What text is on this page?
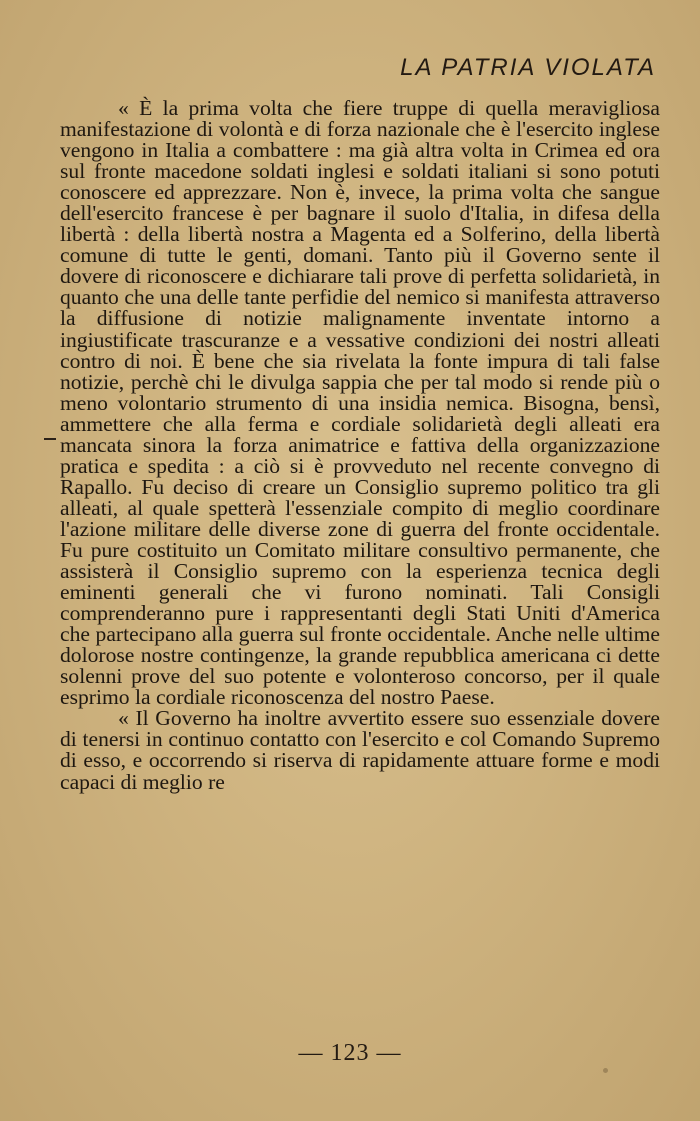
LA PATRIA VIOLATA

« È la prima volta che fiere truppe di quella meravigliosa manifestazione di volontà e di forza nazionale che è l'esercito inglese vengono in Italia a combattere : ma già altra volta in Crimea ed ora sul fronte macedone soldati inglesi e soldati italiani si sono potuti conoscere ed apprezzare. Non è, invece, la prima volta che sangue dell'esercito francese è per bagnare il suolo d'Italia, in difesa della libertà : della libertà nostra a Magenta ed a Solferino, della libertà comune di tutte le genti, domani. Tanto più il Governo sente il dovere di riconoscere e dichiarare tali prove di perfetta solidarietà, in quanto che una delle tante perfidie del nemico si manifesta attraverso la diffusione di notizie malignamente inventate intorno a ingiustificate trascuranze e a vessative condizioni dei nostri alleati contro di noi. È bene che sia rivelata la fonte impura di tali false notizie, perchè chi le divulga sappia che per tal modo si rende più o meno volontario strumento di una insidia nemica. Bisogna, bensì, ammettere che alla ferma e cordiale solidarietà degli alleati era mancata sinora la forza animatrice e fattiva della organizzazione pratica e spedita : a ciò si è provveduto nel recente convegno di Rapallo. Fu deciso di creare un Consiglio supremo politico tra gli alleati, al quale spetterà l'essenziale compito di meglio coordinare l'azione militare delle diverse zone di guerra del fronte occidentale. Fu pure costituito un Comitato militare consultivo permanente, che assisterà il Consiglio supremo con la esperienza tecnica degli eminenti generali che vi furono nominati. Tali Consigli comprenderanno pure i rappresentanti degli Stati Uniti d'America che partecipano alla guerra sul fronte occidentale. Anche nelle ultime dolorose nostre contingenze, la grande repubblica americana ci dette solenni prove del suo potente e volonteroso concorso, per il quale esprimo la cordiale riconoscenza del nostro Paese.

« Il Governo ha inoltre avvertito essere suo essenziale dovere di tenersi in continuo contatto con l'esercito e col Comando Supremo di esso, e occorrendo si riserva di rapidamente attuare forme e modi capaci di meglio re

— 123 —
